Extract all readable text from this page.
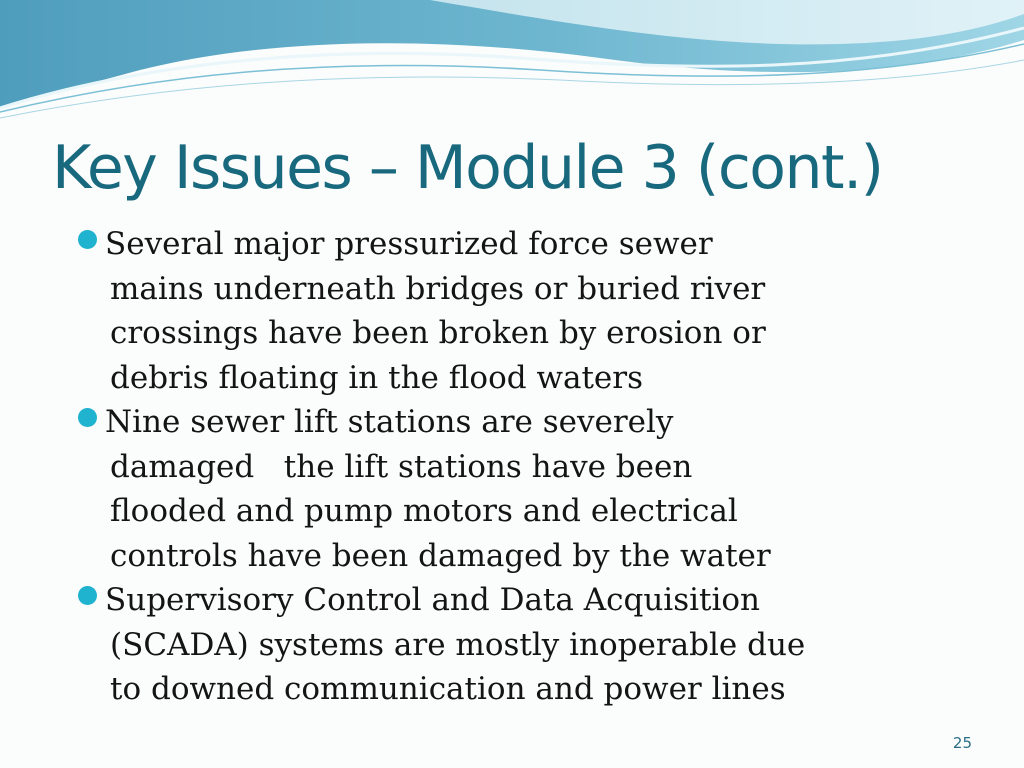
Key Issues – Module 3 (cont.)
Several major pressurized force sewer
mains underneath bridges or buried river
crossings have been broken by erosion or
debris floating in the flood waters
Nine sewer lift stations are severely
damaged   the lift stations have been
flooded and pump motors and electrical
controls have been damaged by the water
Supervisory Control and Data Acquisition
(SCADA) systems are mostly inoperable due
to downed communication and power lines
25
